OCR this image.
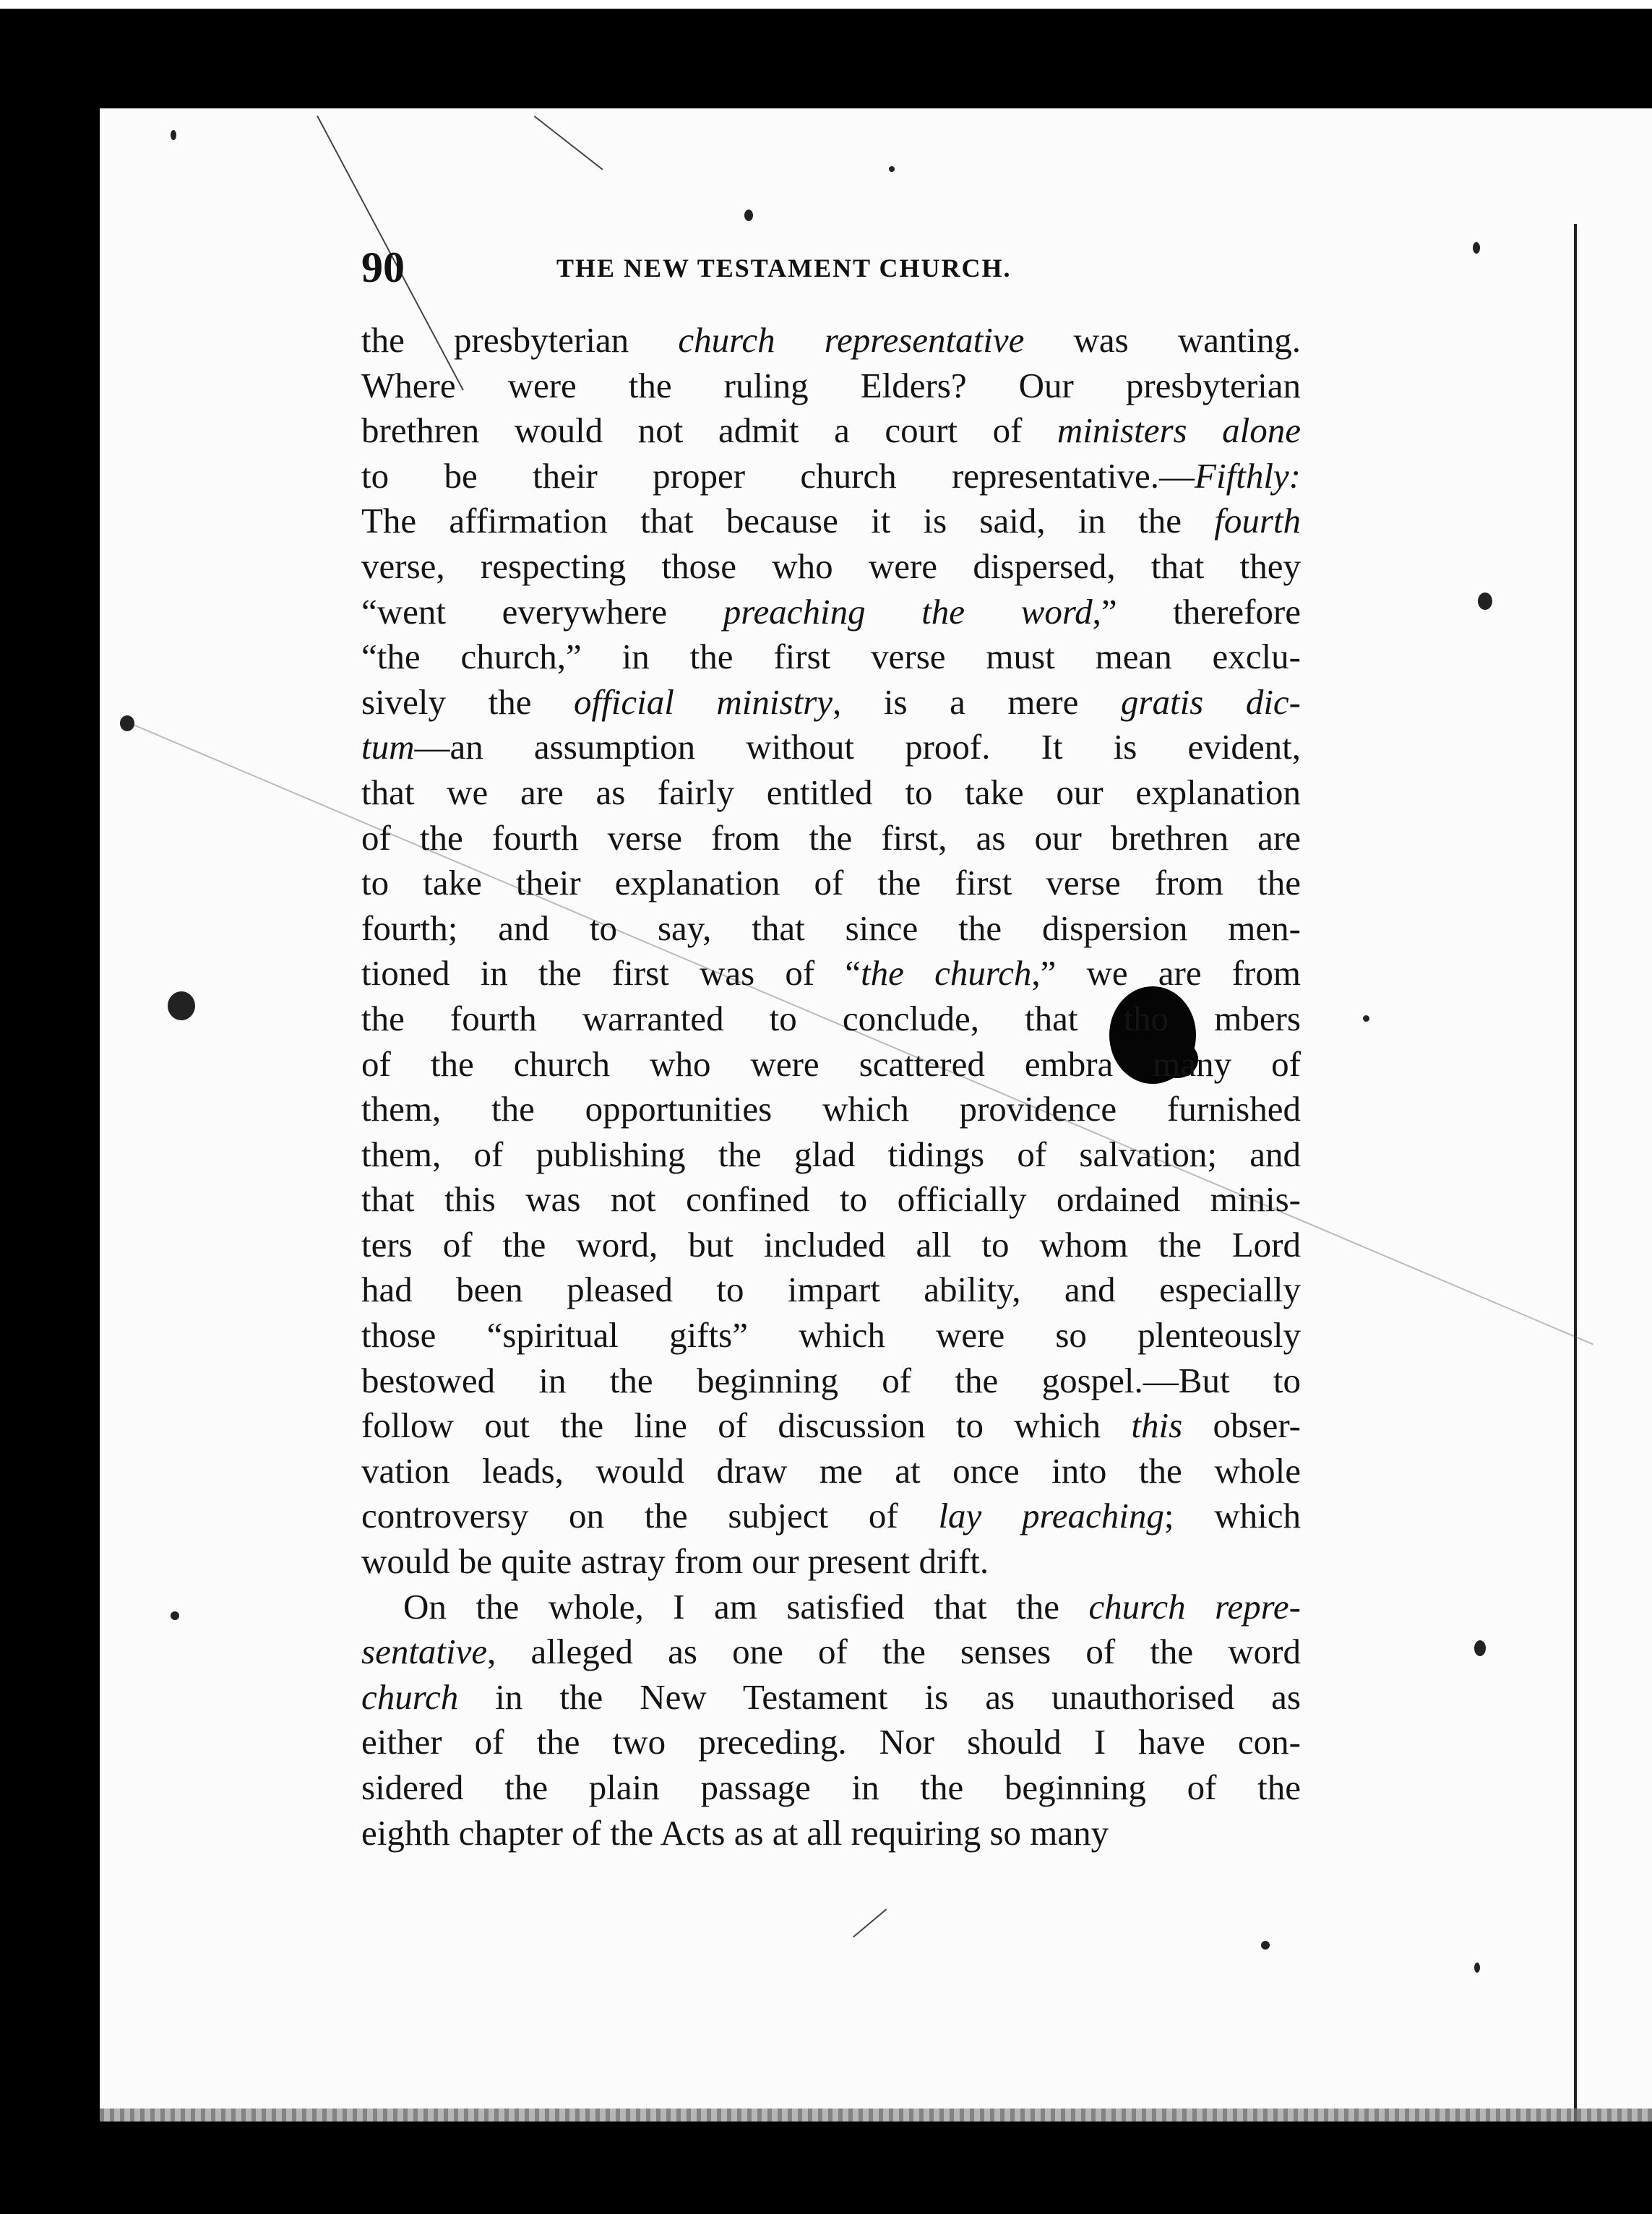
90	THE NEW TESTAMENT CHURCH.
the presbyterian church representative was wanting.
Where were the ruling Elders? Our presbyterian
brethren would not admit a court of ministers alone
to be their proper church representative.—Fifthly:
The affirmation that because it is said, in the fourth
verse, respecting those who were dispersed, that they
“went everywhere preaching the word,” therefore
“the church,” in the first verse must mean exclu-
sively the official ministry, is a mere gratis dic-
tum—an assumption without proof. It is evident,
that we are as fairly entitled to take our explanation
of the fourth verse from the first, as our brethren are
to take their explanation of the first verse from the
fourth; and to say, that since the dispersion men-
tioned in the first was of “the church,” we are from
the fourth warranted to conclude, that tho mbers
of the church who were scattered embra many of
them, the opportunities which providence furnished
them, of publishing the glad tidings of salvation; and
that this was not confined to officially ordained minis-
ters of the word, but included all to whom the Lord
had been pleased to impart ability, and especially
those “spiritual gifts” which were so plenteously
bestowed in the beginning of the gospel.—But to
follow out the line of discussion to which this obser-
vation leads, would draw me at once into the whole
controversy on the subject of lay preaching; which
would be quite astray from our present drift.
On the whole, I am satisfied that the church repre-
sentative, alleged as one of the senses of the word
church in the New Testament is as unauthorised as
either of the two preceding. Nor should I have con-
sidered the plain passage in the beginning of the
eighth chapter of the Acts as at all requiring so many
